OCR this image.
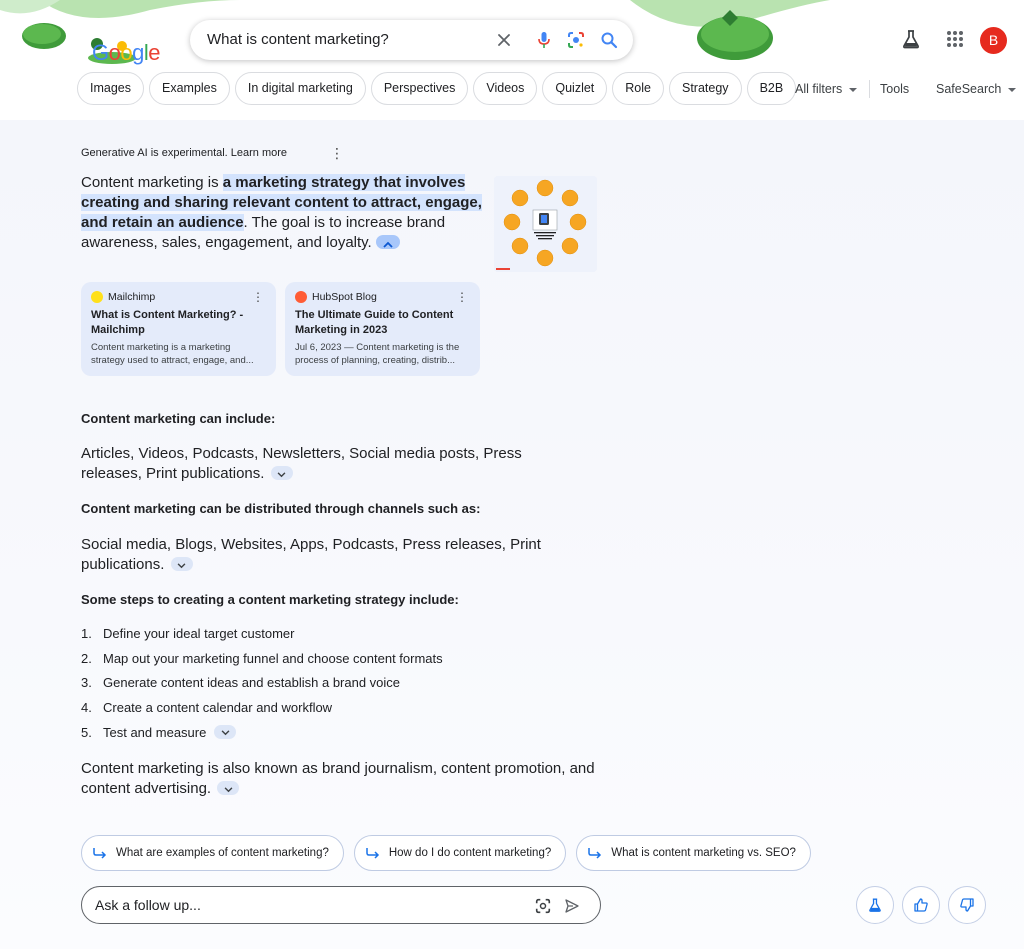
Google
What is content marketing?	B
Images	Examples	In digital marketing	Perspectives	Videos	Quizlet	Role	Strategy	B2B All filters	Tools SafeSearch
Generative AI is experimental. Learn more	⋮
Content marketing is a marketing strategy that involves creating and sharing relevant content to attract, engage, and retain an audience. The goal is to increase brand awareness, sales, engagement, and loyalty.
Mailchimp	⋮
What is Content Marketing? - Mailchimp
Content marketing is a marketing strategy used to attract, engage, and...
HubSpot Blog	⋮
The Ultimate Guide to Content Marketing in 2023
Jul 6, 2023 — Content marketing is the process of planning, creating, distrib...
Content marketing can include:
Articles, Videos, Podcasts, Newsletters, Social media posts, Press releases, Print publications.
Content marketing can be distributed through channels such as:
Social media, Blogs, Websites, Apps, Podcasts, Press releases, Print publications.
Some steps to creating a content marketing strategy include:
1. Define your ideal target customer
2. Map out your marketing funnel and choose content formats
3. Generate content ideas and establish a brand voice
4. Create a content calendar and workflow
5. Test and measure
Content marketing is also known as brand journalism, content promotion, and content advertising.
What are examples of content marketing?	How do I do content marketing?	What is content marketing vs. SEO?
Ask a follow up...
